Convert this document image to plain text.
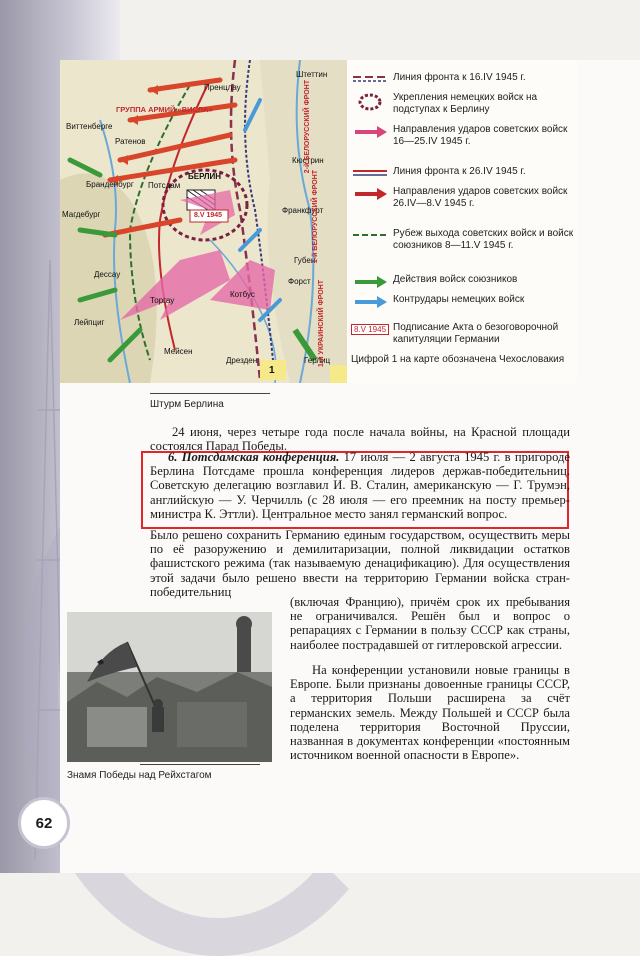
Штеттин
Пренцлау
Виттенберге
Ратенов
Бранденбург
Магдебург
Потсдам
БЕРЛИН
Кюстрин
Франкфурт
Губен
Форст
Дессау
Торгау
Лейпциг
Котбус
Мейсен
Дрезден	Герлиц
ГРУППА АРМИЙ «ВИСЛА»	2-й БЕЛОРУССКИЙ ФРОНТ
1-й БЕЛОРУССКИЙ ФРОНТ
1-й УКРАИНСКИЙ ФРОНТ
8.V 1945
1
Линия фронта к 16.IV 1945 г.
Укрепления немецких войск на подступах к Берлину
Направления ударов советских войск 16—25.IV 1945 г.
Линия фронта к 26.IV 1945 г.
Направления ударов советских войск 26.IV—8.V 1945 г.
Рубеж выхода советских войск и войск союзников 8—11.V 1945 г.
Действия войск союзников
Контрудары немецких войск
8.V 1945 Подписание Акта о безоговорочной капитуляции Германии
Цифрой 1 на карте обозначена Чехословакия
Штурм Берлина

24 июня, через четыре года после начала войны, на Красной площади состоялся Парад Победы.

6. Потсдамская конференция. 17 июля — 2 августа 1945 г. в пригороде Берлина Потсдаме прошла конференция лидеров держав-победительниц. Советскую делегацию возглавил И. В. Сталин, американскую — Г. Трумэн, английскую — У. Черчилль (с 28 июля — его преемник на посту премьер-министра К. Эттли). Центральное место занял германский вопрос.

Было решено сохранить Германию единым государством, осуществить меры по её разоружению и демилитаризации, полной ликвидации остатков фашистского режима (так называемую денацификацию). Для осуществления этой задачи было решено ввести на территорию Германии войска стран-победительниц

(включая Францию), причём срок их пребывания не ограничивался. Решён был и вопрос о репарациях с Германии в пользу СССР как страны, наиболее пострадавшей от гитлеровской агрессии.

На конференции установили новые границы в Европе. Были признаны довоенные границы СССР, а территория Польши расширена за счёт германских земель. Между Польшей и СССР была поделена территория Восточной Пруссии, названная в документах конференции «постоянным источником военной опасности в Европе».

Знамя Победы над Рейхстагом
62
